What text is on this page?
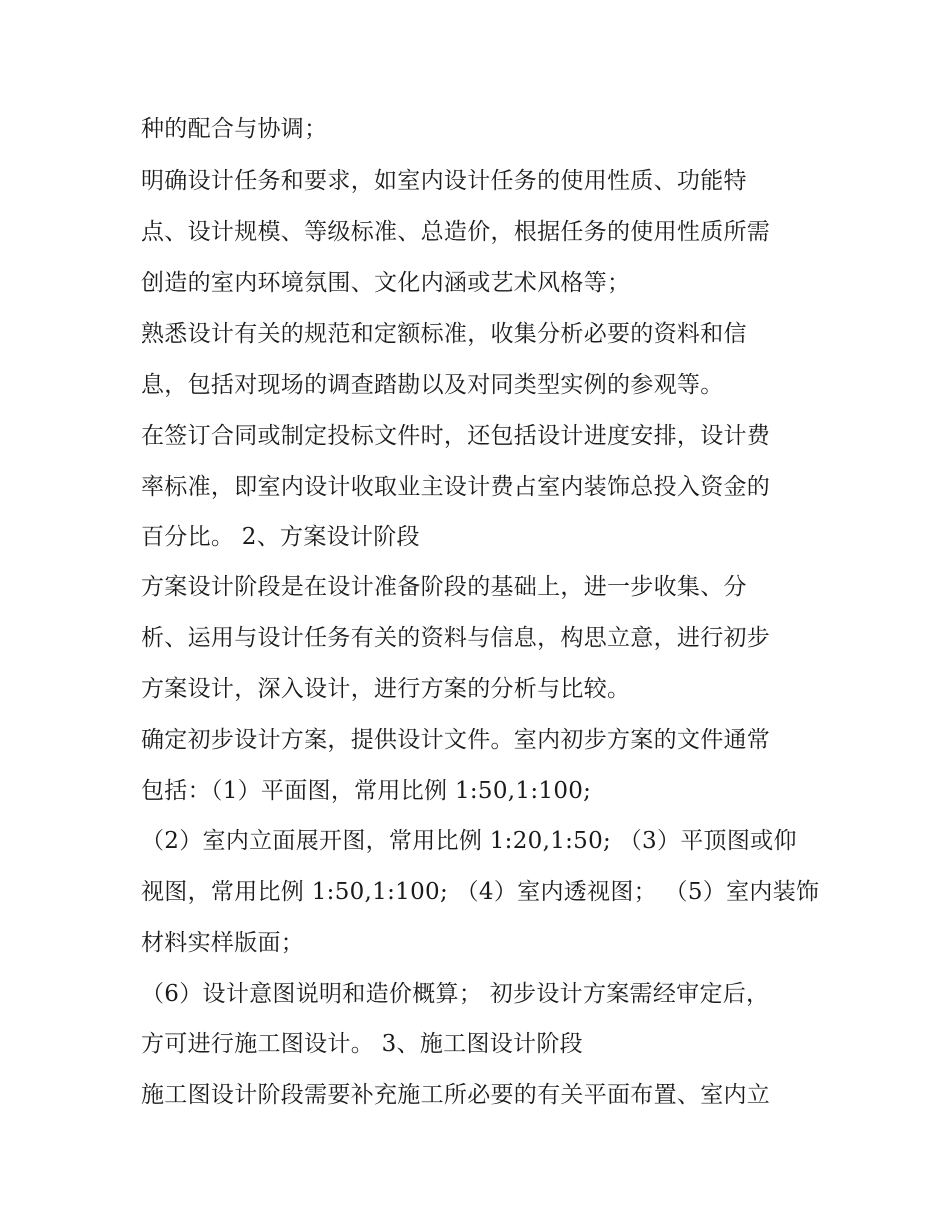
种的配合与协调；
明确设计任务和要求，如室内设计任务的使用性质、功能特
点、设计规模、等级标准、总造价，根据任务的使用性质所需
创造的室内环境氛围、文化内涵或艺术风格等；
熟悉设计有关的规范和定额标准，收集分析必要的资料和信
息，包括对现场的调查踏勘以及对同类型实例的参观等。
在签订合同或制定投标文件时，还包括设计进度安排，设计费
率标准，即室内设计收取业主设计费占室内装饰总投入资金的
百分比。 2、方案设计阶段
方案设计阶段是在设计准备阶段的基础上，进一步收集、分
析、运用与设计任务有关的资料与信息，构思立意，进行初步
方案设计，深入设计，进行方案的分析与比较。
确定初步设计方案，提供设计文件。室内初步方案的文件通常
包括：（1）平面图，常用比例 1:50,1:100;
（2）室内立面展开图，常用比例 1:20,1:50; （3）平顶图或仰
视图，常用比例 1:50,1:100; （4）室内透视图； （5）室内装饰
材料实样版面；
（6）设计意图说明和造价概算； 初步设计方案需经审定后，
方可进行施工图设计。 3、施工图设计阶段
施工图设计阶段需要补充施工所必要的有关平面布置、室内立
